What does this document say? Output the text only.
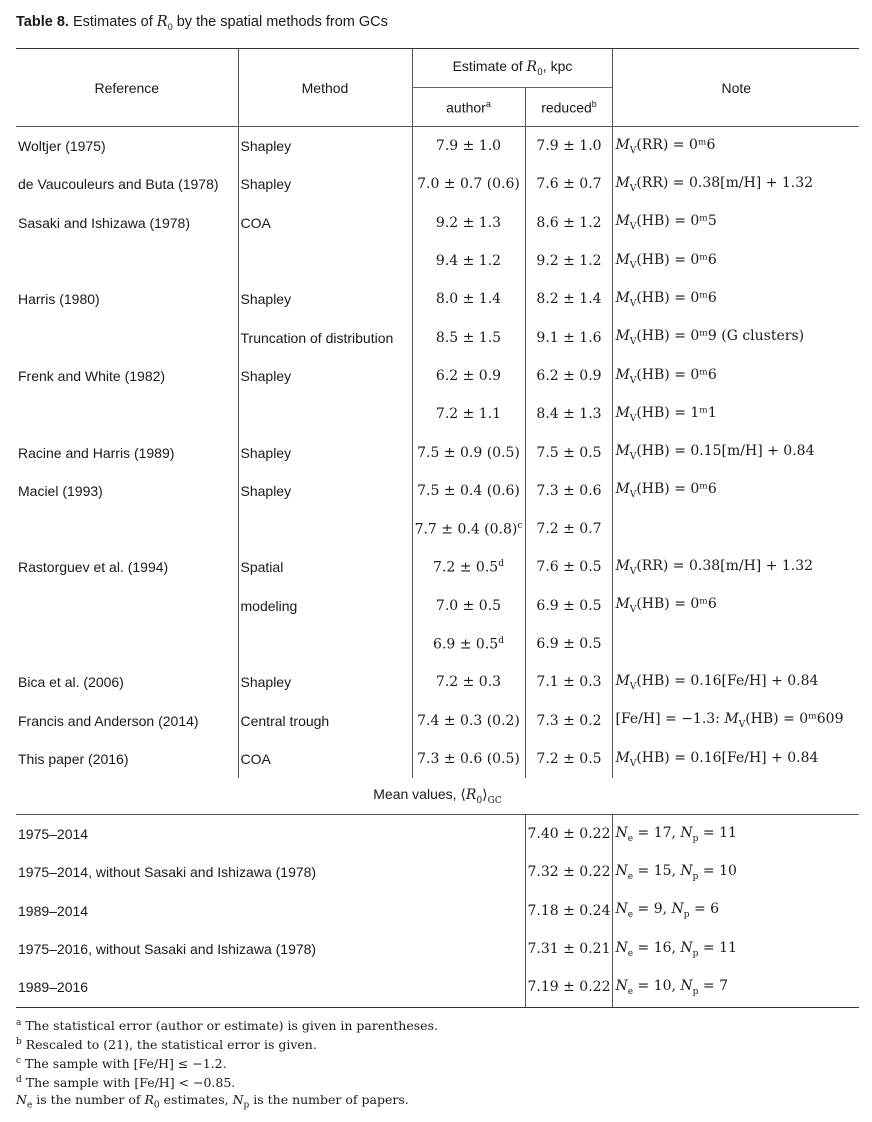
Table 8. Estimates of $R_0$ by the spatial methods from GCs
Reference	Method	Estimate of $R_0$, kpc		Note
		author$^a$	reduced$^b$
Woltjer (1975)	Shapley	7.9 ± 1.0	7.9 ± 1.0	$M_V(RR)$ = 0ᵐ6
de Vaucouleurs and Buta (1978)	Shapley	7.0 ± 0.7 (0.6)	7.6 ± 0.7	$M_V(RR) = 0.38[m/H] + 1.32$
Sasaki and Ishizawa (1978)	COA	9.2 ± 1.3	8.6 ± 1.2	$M_V(HB)$ = 0ᵐ5
		9.4 ± 1.2	9.2 ± 1.2	$M_V(HB)$ = 0ᵐ6
Harris (1980)	Shapley	8.0 ± 1.4	8.2 ± 1.4	$M_V(HB)$ = 0ᵐ6
	Truncation of distribution	8.5 ± 1.5	9.1 ± 1.6	$M_V(HB)$ = 0ᵐ9 (G clusters)
Frenk and White (1982)	Shapley	6.2 ± 0.9	6.2 ± 0.9	$M_V(HB)$ = 0ᵐ6
		7.2 ± 1.1	8.4 ± 1.3	$M_V(HB)$ = 1ᵐ1
Racine and Harris (1989)	Shapley	7.5 ± 0.9 (0.5)	7.5 ± 0.5	$M_V(HB) = 0.15[m/H] + 0.84$
Maciel (1993)	Shapley	7.5 ± 0.4 (0.6)	7.3 ± 0.6	$M_V(HB)$ = 0ᵐ6
		7.7 ± 0.4 $(0.8)^c$	7.2 ± 0.7	
Rastorguev et al. (1994)	Spatial	7.2 ± 0.5$^d$	7.6 ± 0.5	$M_V(RR) = 0.38[m/H] + 1.32$
	modeling	7.0 ± 0.5	6.9 ± 0.5	$M_V(HB)$ = 0ᵐ6
		6.9 ± 0.5$^d$	6.9 ± 0.5	
Bica et al. (2006)	Shapley	7.2 ± 0.3	7.1 ± 0.3	$M_V(HB) = 0.16[Fe/H] + 0.84$
Francis and Anderson (2014)	Central trough	7.4 ± 0.3 (0.2)	7.3 ± 0.2	[Fe/H] = −1.3: $M_V(HB)$ = 0ᵐ609
This paper (2016)	COA	7.3 ± 0.6 (0.5)	7.2 ± 0.5	$M_V(HB) = 0.16[Fe/H] + 0.84$
Mean values, $⟨R_0⟩_{GC}$
1975–2014			7.40 ± 0.22	$N_e = 17$, $N_p = 11$
1975–2014, without Sasaki and Ishizawa (1978)			7.32 ± 0.22	$N_e = 15$, $N_p = 10$
1989–2014			7.18 ± 0.24	$N_e = 9$, $N_p = 6$
1975–2016, without Sasaki and Ishizawa (1978)			7.31 ± 0.21	$N_e = 16$, $N_p = 11$
1989–2016			7.19 ± 0.22	$N_e = 10$, $N_p = 7$
$^a$ The statistical error (author or estimate) is given in parentheses.
$^b$ Rescaled to (21), the statistical error is given.
$^c$ The sample with [Fe/H] ≤ −1.2.
$^d$ The sample with [Fe/H] < −0.85.
$N_e$ is the number of $R_0$ estimates, $N_p$ is the number of papers.
